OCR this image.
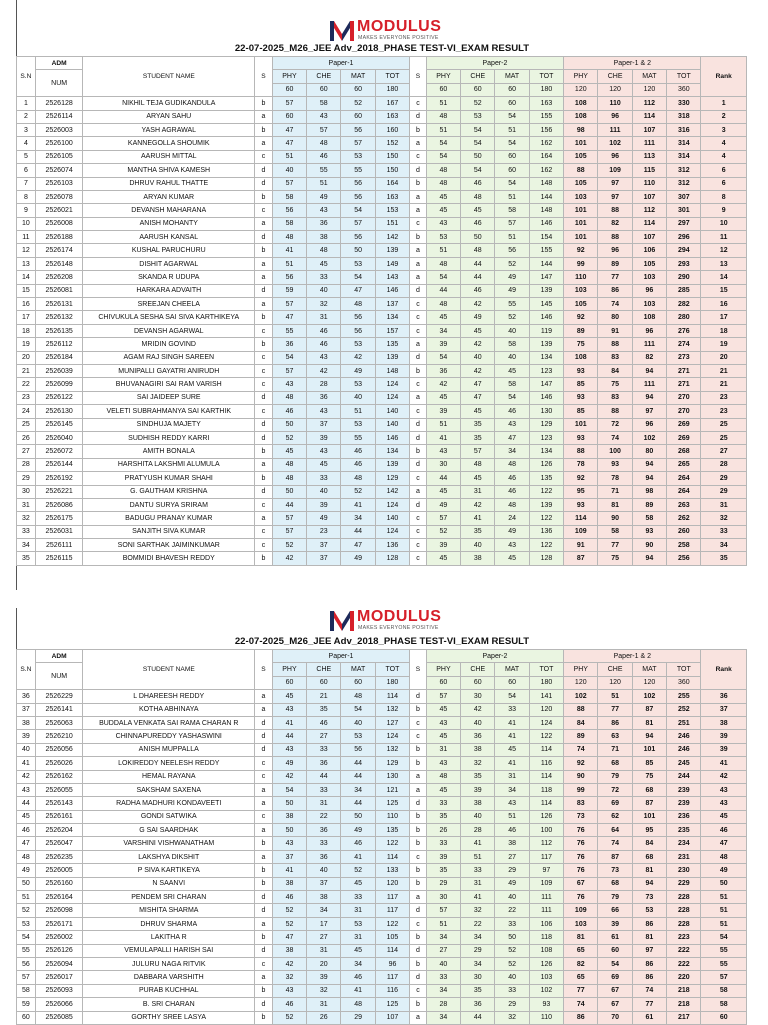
MODULUS
MAKES EVERYONE POSITIVE
22-07-2025_M26_JEE Adv_2018_PHASE TEST-VI_EXAM RESULT
S.N	ADM	STUDENT NAME	S	Paper-1				S	Paper-2				Paper-1 & 2				Rank
	NUM			PHY	CHE	MAT	TOT		PHY	CHE	MAT	TOT	PHY	CHE	MAT	TOT	
				60	60	60	180		60	60	60	180	120	120	120	360	
1	2526128	NIKHIL TEJA GUDIKANDULA	b	57	58	52	167	c	51	52	60	163	108	110	112	330	1
2	2526114	ARYAN SAHU	a	60	43	60	163	d	48	53	54	155	108	96	114	318	2
3	2526003	YASH AGRAWAL	b	47	57	56	160	b	51	54	51	156	98	111	107	316	3
4	2526100	KANNEGOLLA SHOUMIK	a	47	48	57	152	a	54	54	54	162	101	102	111	314	4
5	2526105	AARUSH MITTAL	c	51	46	53	150	c	54	50	60	164	105	96	113	314	4
6	2526074	MANTHA SHIVA KAMESH	d	40	55	55	150	d	48	54	60	162	88	109	115	312	6
7	2526103	DHRUV RAHUL THATTE	d	57	51	56	164	b	48	46	54	148	105	97	110	312	6
8	2526078	ARYAN KUMAR	b	58	49	56	163	a	45	48	51	144	103	97	107	307	8
9	2526021	DEVANSH MAHARANA	c	56	43	54	153	a	45	45	58	148	101	88	112	301	9
10	2526008	ANISH MOHANTY	a	58	36	57	151	c	43	46	57	146	101	82	114	297	10
11	2526188	AARUSH KANSAL	d	48	38	56	142	b	53	50	51	154	101	88	107	296	11
12	2526174	KUSHAL PARUCHURU	b	41	48	50	139	a	51	48	56	155	92	96	106	294	12
13	2526148	DISHIT AGARWAL	a	51	45	53	149	a	48	44	52	144	99	89	105	293	13
14	2526208	SKANDA R UDUPA	a	56	33	54	143	a	54	44	49	147	110	77	103	290	14
15	2526081	HARKARA ADVAITH	d	59	40	47	146	d	44	46	49	139	103	86	96	285	15
16	2526131	SREEJAN CHEELA	a	57	32	48	137	c	48	42	55	145	105	74	103	282	16
17	2526132	CHIVUKULA SESHA SAI SIVA KARTHIKEYA	b	47	31	56	134	c	45	49	52	146	92	80	108	280	17
18	2526135	DEVANSH AGARWAL	c	55	46	56	157	c	34	45	40	119	89	91	96	276	18
19	2526112	MRIDIN GOVIND	b	36	46	53	135	a	39	42	58	139	75	88	111	274	19
20	2526184	AGAM RAJ SINGH SAREEN	c	54	43	42	139	d	54	40	40	134	108	83	82	273	20
21	2526039	MUNIPALLI GAYATRI ANIRUDH	c	57	42	49	148	b	36	42	45	123	93	84	94	271	21
22	2526099	BHUVANAGIRI SAI RAM VARISH	c	43	28	53	124	c	42	47	58	147	85	75	111	271	21
23	2526122	SAI JAIDEEP SURE	d	48	36	40	124	a	45	47	54	146	93	83	94	270	23
24	2526130	VELETI SUBRAHMANYA SAI KARTHIK	c	46	43	51	140	c	39	45	46	130	85	88	97	270	23
25	2526145	SINDHUJA MAJETY	d	50	37	53	140	d	51	35	43	129	101	72	96	269	25
26	2526040	SUDHISH REDDY KARRI	d	52	39	55	146	d	41	35	47	123	93	74	102	269	25
27	2526072	AMITH BONALA	b	45	43	46	134	b	43	57	34	134	88	100	80	268	27
28	2526144	HARSHITA LAKSHMI ALUMULA	a	48	45	46	139	d	30	48	48	126	78	93	94	265	28
29	2526192	PRATYUSH KUMAR SHAHI	b	48	33	48	129	c	44	45	46	135	92	78	94	264	29
30	2526221	G. GAUTHAM KRISHNA	d	50	40	52	142	a	45	31	46	122	95	71	98	264	29
31	2526086	DANTU SURYA SRIRAM	c	44	39	41	124	d	49	42	48	139	93	81	89	263	31
32	2526175	BADUGU PRANAY KUMAR	a	57	49	34	140	c	57	41	24	122	114	90	58	262	32
33	2526031	SANJITH SIVA KUMAR	c	57	23	44	124	c	52	35	49	136	109	58	93	260	33
34	2526111	SONI SARTHAK JAIMINKUMAR	c	52	37	47	136	c	39	40	43	122	91	77	90	258	34
35	2526115	BOMMIDI BHAVESH REDDY	b	42	37	49	128	c	45	38	45	128	87	75	94	256	35
MODULUS
MAKES EVERYONE POSITIVE
22-07-2025_M26_JEE Adv_2018_PHASE TEST-VI_EXAM RESULT
S.N	ADM	STUDENT NAME	S	Paper-1				S	Paper-2				Paper-1 & 2				Rank
	NUM			PHY	CHE	MAT	TOT		PHY	CHE	MAT	TOT	PHY	CHE	MAT	TOT	
				60	60	60	180		60	60	60	180	120	120	120	360	
36	2526229	L DHAREESH REDDY	a	45	21	48	114	d	57	30	54	141	102	51	102	255	36
37	2526141	KOTHA ABHINAYA	a	43	35	54	132	b	45	42	33	120	88	77	87	252	37
38	2526063	BUDDALA VENKATA SAI RAMA CHARAN R	d	41	46	40	127	c	43	40	41	124	84	86	81	251	38
39	2526210	CHINNAPUREDDY YASHASWINI	d	44	27	53	124	c	45	36	41	122	89	63	94	246	39
40	2526056	ANISH MUPPALLA	d	43	33	56	132	b	31	38	45	114	74	71	101	246	39
41	2526026	LOKIREDDY NEELESH REDDY	c	49	36	44	129	b	43	32	41	116	92	68	85	245	41
42	2526162	HEMAL RAYANA	c	42	44	44	130	a	48	35	31	114	90	79	75	244	42
43	2526055	SAKSHAM SAXENA	a	54	33	34	121	a	45	39	34	118	99	72	68	239	43
44	2526143	RADHA MADHURI KONDAVEETI	a	50	31	44	125	d	33	38	43	114	83	69	87	239	43
45	2526161	GONDI SATWIKA	c	38	22	50	110	b	35	40	51	126	73	62	101	236	45
46	2526204	G SAI SAARDHAK	a	50	36	49	135	b	26	28	46	100	76	64	95	235	46
47	2526047	VARSHINI VISHWANATHAM	b	43	33	46	122	b	33	41	38	112	76	74	84	234	47
48	2526235	LAKSHYA DIKSHIT	a	37	36	41	114	c	39	51	27	117	76	87	68	231	48
49	2526005	P SIVA KARTIKEYA	b	41	40	52	133	b	35	33	29	97	76	73	81	230	49
50	2526160	N SAANVI	b	38	37	45	120	b	29	31	49	109	67	68	94	229	50
51	2526164	PENDEM SRI CHARAN	d	46	38	33	117	a	30	41	40	111	76	79	73	228	51
52	2526098	MISHITA SHARMA	d	52	34	31	117	d	57	32	22	111	109	66	53	228	51
53	2526171	DHRUV SHARMA	a	52	17	53	122	c	51	22	33	106	103	39	86	228	51
54	2526002	LAKITHA R	b	47	27	31	105	b	34	34	50	118	81	61	81	223	54
55	2526126	VEMULAPALLI HARISH SAI	d	38	31	45	114	d	27	29	52	108	65	60	97	222	55
56	2526094	JULURU NAGA RITVIK	c	42	20	34	96	b	40	34	52	126	82	54	86	222	55
57	2526017	DABBARA VARSHITH	a	32	39	46	117	d	33	30	40	103	65	69	86	220	57
58	2526093	PURAB KUCHHAL	b	43	32	41	116	c	34	35	33	102	77	67	74	218	58
59	2526066	B. SRI CHARAN	d	46	31	48	125	b	28	36	29	93	74	67	77	218	58
60	2526085	GORTHY SREE LASYA	b	52	26	29	107	a	34	44	32	110	86	70	61	217	60
